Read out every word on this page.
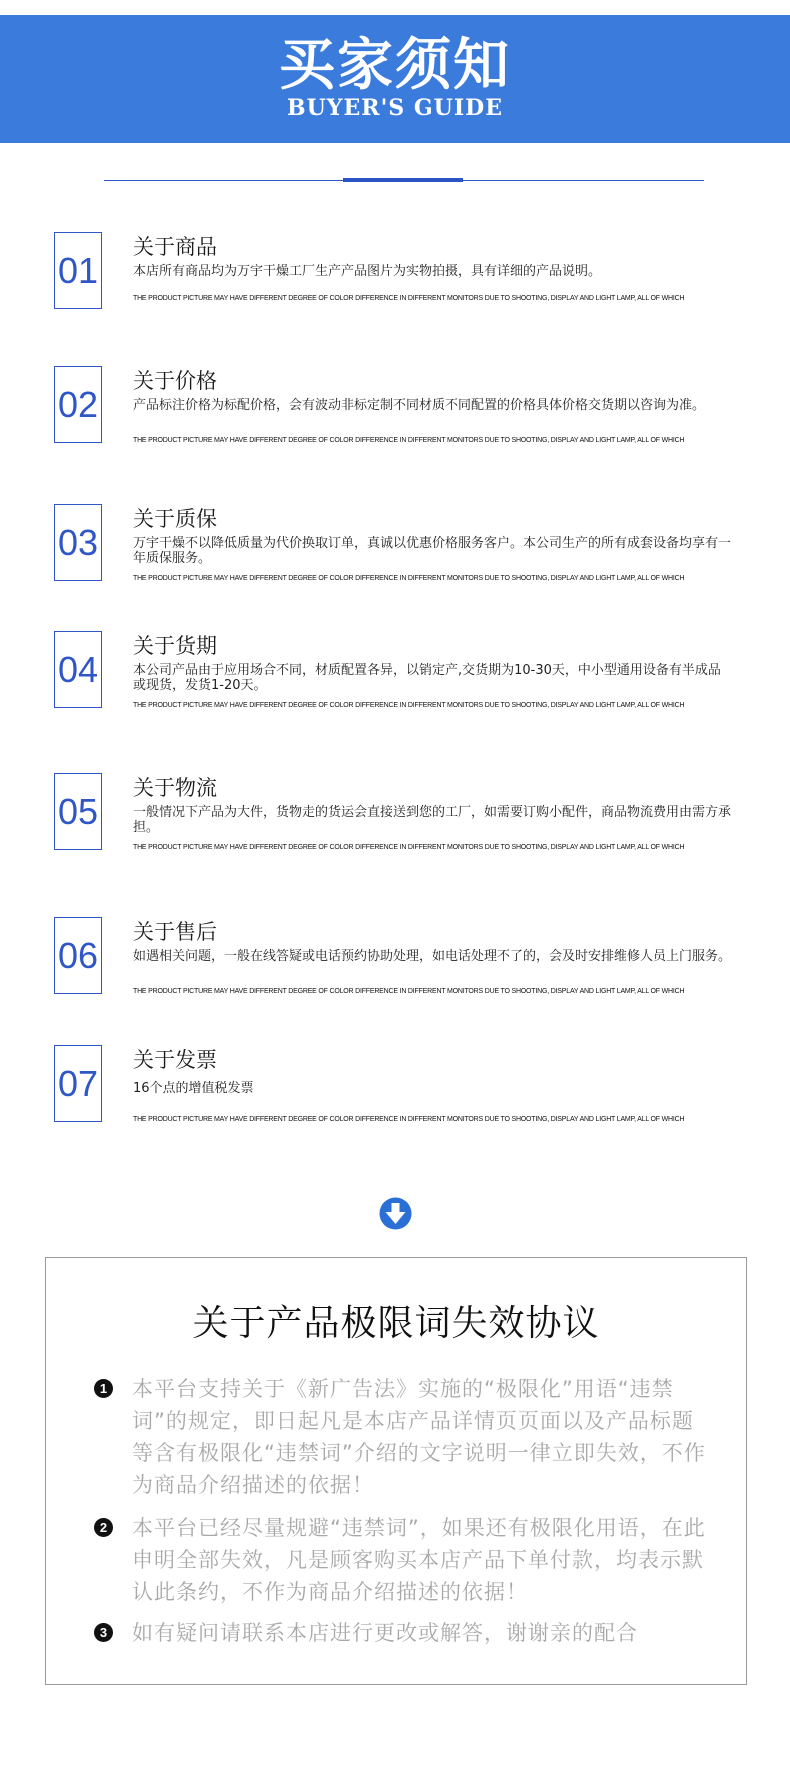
买家须知
BUYER'S GUIDE
01
关于商品
本店所有商品均为万宇干燥工厂生产产品图片为实物拍摄，具有详细的产品说明。
THE PRODUCT PICTURE MAY HAVE DIFFERENT DEGREE OF COLOR DIFFERENCE IN DIFFERENT MONITORS DUE TO SHOOTING, DISPLAY AND LIGHT LAMP, ALL OF WHICH
02
关于价格
产品标注价格为标配价格，会有波动非标定制不同材质不同配置的价格具体价格交货期以咨询为准。
THE PRODUCT PICTURE MAY HAVE DIFFERENT DEGREE OF COLOR DIFFERENCE IN DIFFERENT MONITORS DUE TO SHOOTING, DISPLAY AND LIGHT LAMP, ALL OF WHICH
03
关于质保
万宇干燥不以降低质量为代价换取订单，真诚以优惠价格服务客户。本公司生产的所有成套设备均享有一年质保服务。
THE PRODUCT PICTURE MAY HAVE DIFFERENT DEGREE OF COLOR DIFFERENCE IN DIFFERENT MONITORS DUE TO SHOOTING, DISPLAY AND LIGHT LAMP, ALL OF WHICH
04
关于货期
本公司产品由于应用场合不同，材质配置各异，以销定产,交货期为10-30天，中小型通用设备有半成品或现货，发货1-20天。
THE PRODUCT PICTURE MAY HAVE DIFFERENT DEGREE OF COLOR DIFFERENCE IN DIFFERENT MONITORS DUE TO SHOOTING, DISPLAY AND LIGHT LAMP, ALL OF WHICH
05
关于物流
一般情况下产品为大件，货物走的货运会直接送到您的工厂，如需要订购小配件，商品物流费用由需方承担。
THE PRODUCT PICTURE MAY HAVE DIFFERENT DEGREE OF COLOR DIFFERENCE IN DIFFERENT MONITORS DUE TO SHOOTING, DISPLAY AND LIGHT LAMP, ALL OF WHICH
06
关于售后
如遇相关问题，一般在线答疑或电话预约协助处理，如电话处理不了的，会及时安排维修人员上门服务。
THE PRODUCT PICTURE MAY HAVE DIFFERENT DEGREE OF COLOR DIFFERENCE IN DIFFERENT MONITORS DUE TO SHOOTING, DISPLAY AND LIGHT LAMP, ALL OF WHICH
07
关于发票
16个点的增值税发票
THE PRODUCT PICTURE MAY HAVE DIFFERENT DEGREE OF COLOR DIFFERENCE IN DIFFERENT MONITORS DUE TO SHOOTING, DISPLAY AND LIGHT LAMP, ALL OF WHICH
关于产品极限词失效协议
1 本平台支持关于《新广告法》实施的“极限化”用语“违禁词”的规定，即日起凡是本店产品详情页页面以及产品标题等含有极限化“违禁词”介绍的文字说明一律立即失效，不作为商品介绍描述的依据！
2 本平台已经尽量规避“违禁词”，如果还有极限化用语，在此申明全部失效，凡是顾客购买本店产品下单付款，均表示默认此条约，不作为商品介绍描述的依据！
3 如有疑问请联系本店进行更改或解答，谢谢亲的配合
